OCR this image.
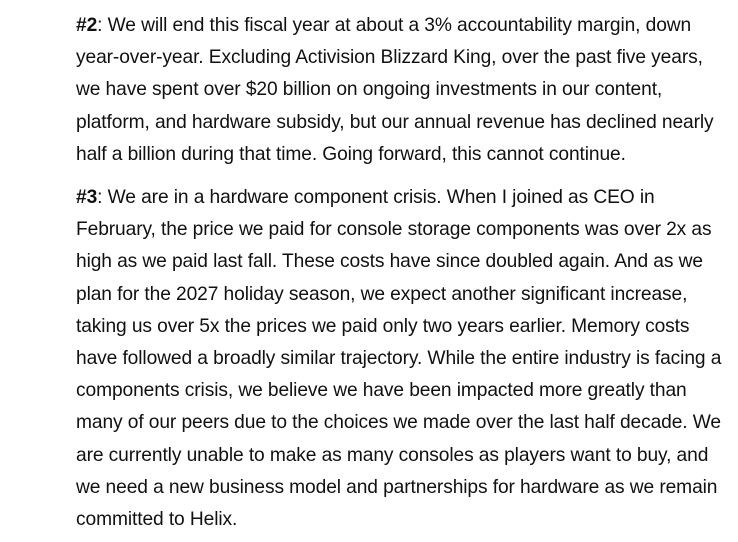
#2: We will end this fiscal year at about a 3% accountability margin, down year-over-year. Excluding Activision Blizzard King, over the past five years, we have spent over $20 billion on ongoing investments in our content, platform, and hardware subsidy, but our annual revenue has declined nearly half a billion during that time. Going forward, this cannot continue.

#3: We are in a hardware component crisis. When I joined as CEO in February, the price we paid for console storage components was over 2x as high as we paid last fall. These costs have since doubled again. And as we plan for the 2027 holiday season, we expect another significant increase, taking us over 5x the prices we paid only two years earlier. Memory costs have followed a broadly similar trajectory. While the entire industry is facing a components crisis, we believe we have been impacted more greatly than many of our peers due to the choices we made over the last half decade. We are currently unable to make as many consoles as players want to buy, and we need a new business model and partnerships for hardware as we remain committed to Helix.
